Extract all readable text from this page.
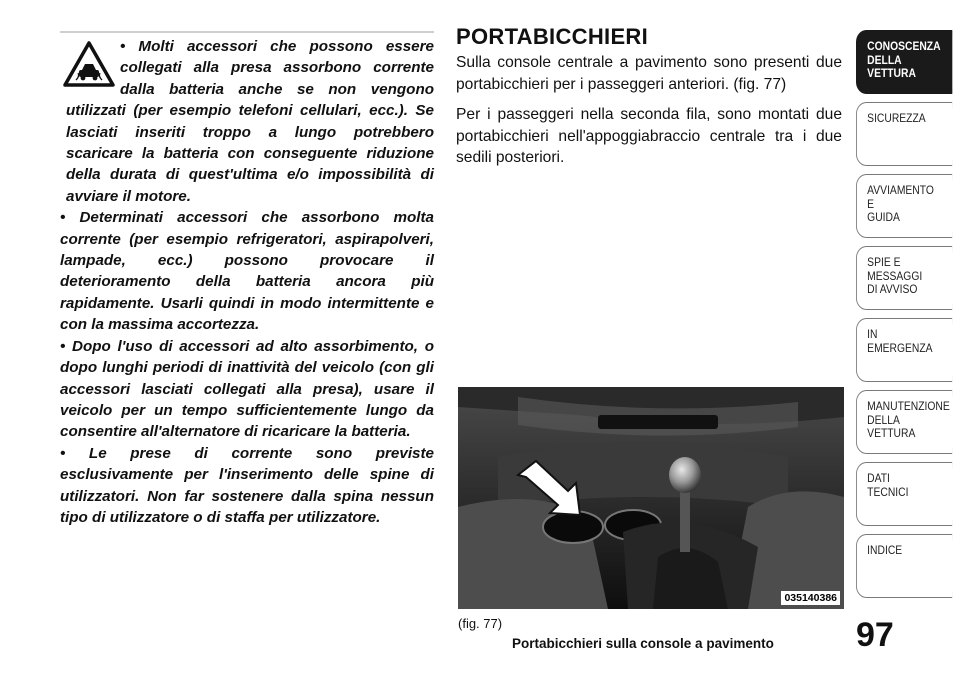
• Molti accessori che possono essere collegati alla presa assorbono corrente dalla batteria anche se non vengono utilizzati (per esempio telefoni cellulari, ecc.). Se lasciati inseriti troppo a lungo potrebbero scaricare la batteria con conseguente riduzione della durata di quest'ultima e/o impossibilità di avviare il motore.

• Determinati accessori che assorbono molta corrente (per esempio refrigeratori, aspirapolveri, lampade, ecc.) possono provocare il deterioramento della batteria ancora più rapidamente. Usarli quindi in modo intermittente e con la massima accortezza.

• Dopo l'uso di accessori ad alto assorbimento, o dopo lunghi periodi di inattività del veicolo (con gli accessori lasciati collegati alla presa), usare il veicolo per un tempo sufficientemente lungo da consentire all'alternatore di ricaricare la batteria.

• Le prese di corrente sono previste esclusivamente per l'inserimento delle spine di utilizzatori. Non far sostenere dalla spina nessun tipo di utilizzatore o di staffa per utilizzatore.

PORTABICCHIERI

Sulla console centrale a pavimento sono presenti due portabicchieri per i passeggeri anteriori. (fig. 77)

Per i passeggeri nella seconda fila, sono montati due portabicchieri nell'appoggiabraccio centrale tra i due sedili posteriori.

035140386
(fig. 77)
Portabicchieri sulla console a pavimento 97
CONOSCENZA
DELLA
VETTURA
SICUREZZA
AVVIAMENTO
E
GUIDA
SPIE E
MESSAGGI
DI AVVISO
IN
EMERGENZA
MANUTENZIONE
DELLA
VETTURA
DATI
TECNICI
INDICE
